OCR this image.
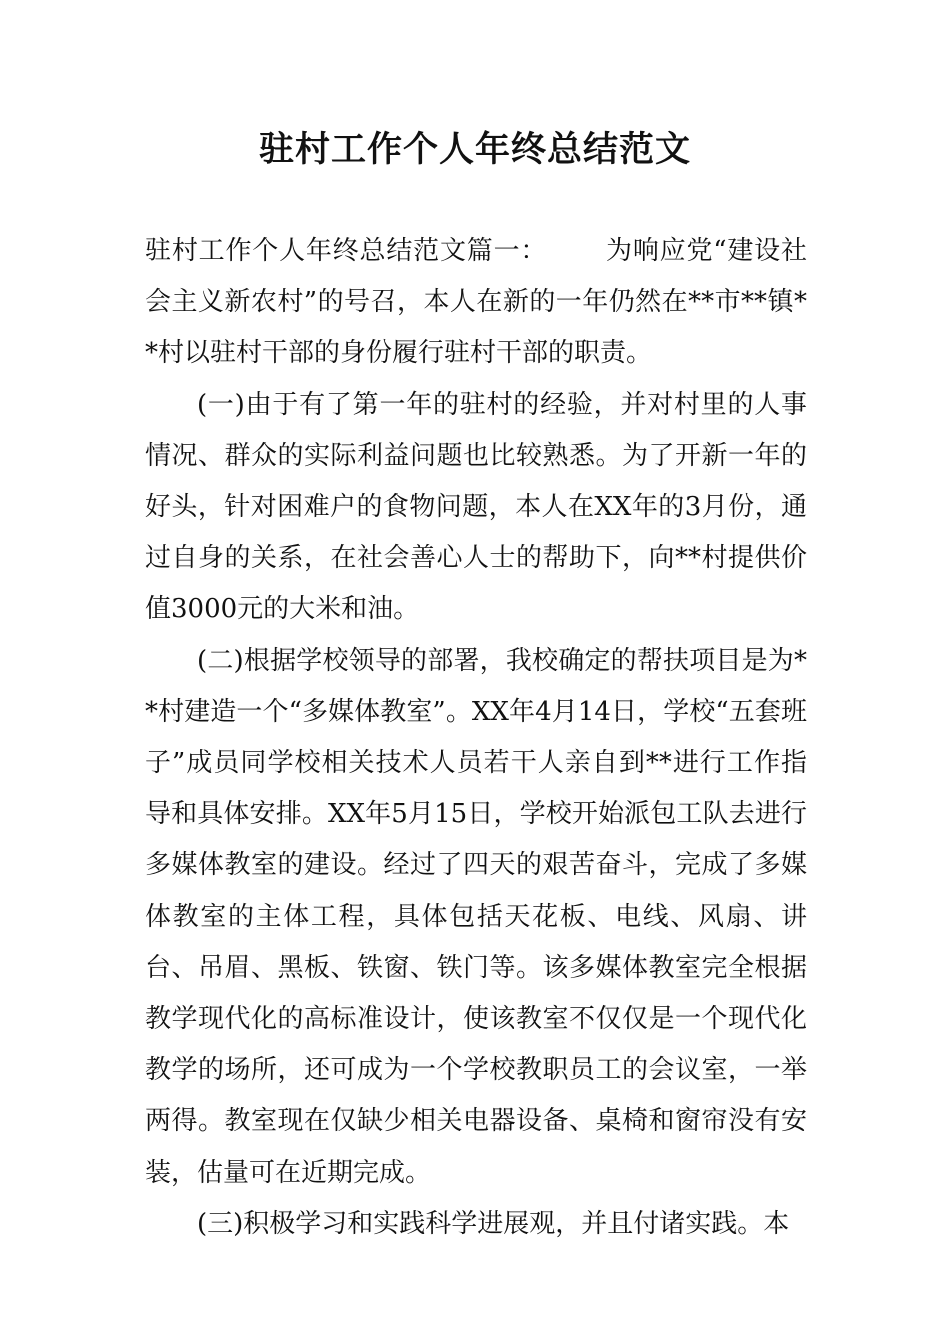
驻村工作个人年终总结范文

驻村工作个人年终总结范文篇一： 为响应党“建设社会主义新农村”的号召，本人在新的一年仍然在**市**镇**村以驻村干部的身份履行驻村干部的职责。

(一)由于有了第一年的驻村的经验，并对村里的人事情况、群众的实际利益问题也比较熟悉。为了开新一年的好头，针对困难户的食物问题，本人在XX年的3月份，通过自身的关系，在社会善心人士的帮助下，向**村提供价值3000元的大米和油。

(二)根据学校领导的部署，我校确定的帮扶项目是为**村建造一个“多媒体教室”。XX年4月14日，学校“五套班子”成员同学校相关技术人员若干人亲自到**进行工作指导和具体安排。XX年5月15日，学校开始派包工队去进行多媒体教室的建设。经过了四天的艰苦奋斗，完成了多媒体教室的主体工程，具体包括天花板、电线、风扇、讲台、吊眉、黑板、铁窗、铁门等。该多媒体教室完全根据教学现代化的高标准设计，使该教室不仅仅是一个现代化教学的场所，还可成为一个学校教职员工的会议室，一举两得。教室现在仅缺少相关电器设备、桌椅和窗帘没有安装，估量可在近期完成。

(三)积极学习和实践科学进展观，并且付诸实践。本
